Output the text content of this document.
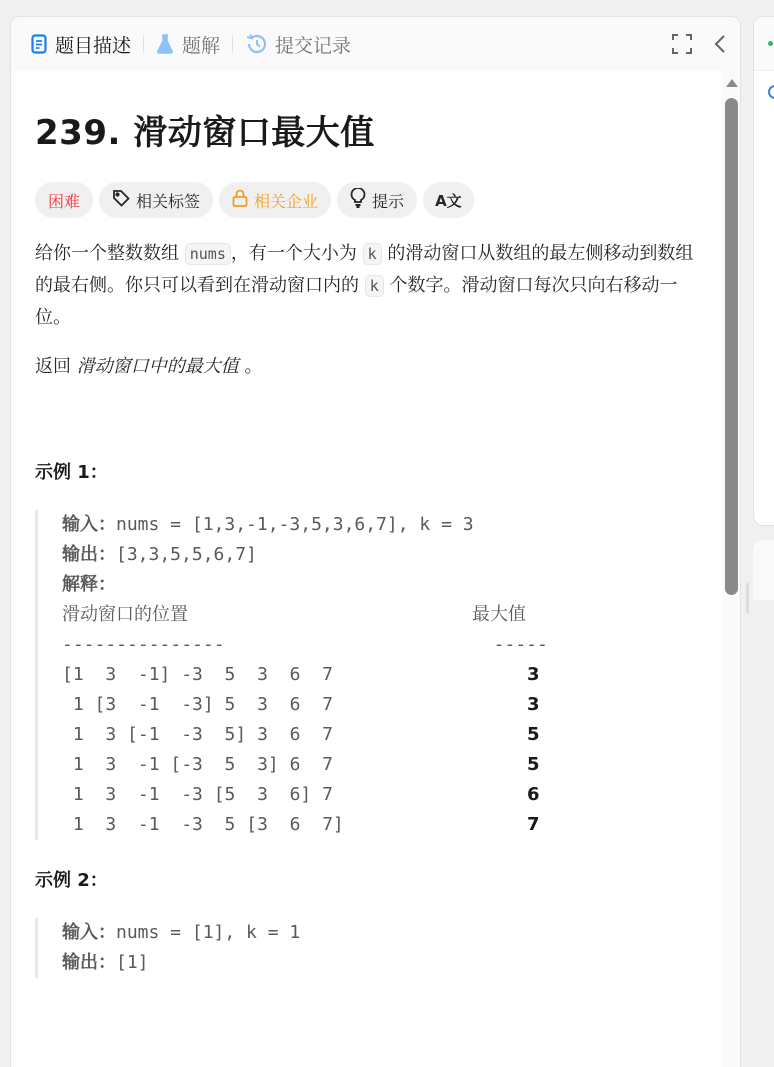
题目描述	题解	提交记录
239. 滑动窗口最大值
困难	相关标签	相关企业	提示 A文

给你一个整数数组 nums ，有一个大小为 k 的滑动窗口从数组的最左侧移动到数组的最右侧。你只可以看到在滑动窗口内的 k 个数字。滑动窗口每次只向右移动一位。

返回 滑动窗口中的最大值 。

示例 1：
输入：nums = [1,3,-1,-3,5,3,6,7], k = 3
输出：[3,3,5,5,6,7]
解释：
滑动窗口的位置	最大值
---------------	-----
[1  3  -1] -3  5  3  6  7	3
1 [3  -1  -3] 5  3  6  7	3
1  3 [-1  -3  5] 3  6  7	5
1  3  -1 [-3  5  3] 6  7	5
1  3  -1  -3 [5  3  6] 7	6
1  3  -1  -3  5 [3  6  7]	7
示例 2：
输入：nums = [1], k = 1
输出：[1]
